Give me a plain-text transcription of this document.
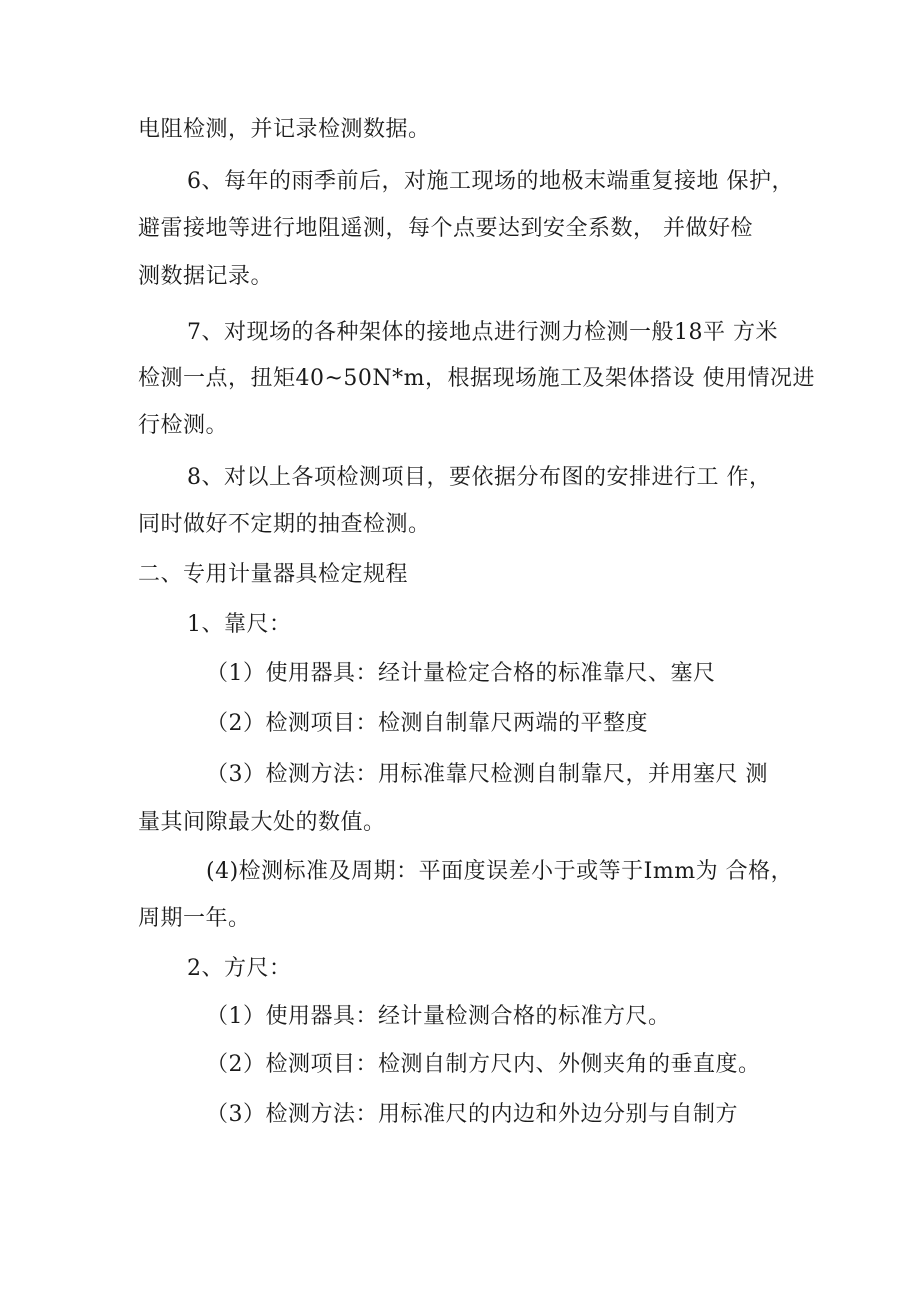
电阻检测，并记录检测数据。
6、每年的雨季前后，对施工现场的地极末端重复接地 保护，
避雷接地等进行地阻遥测，每个点要达到安全系数， 并做好检
测数据记录。
7、对现场的各种架体的接地点进行测力检测一般18平 方米
检测一点，扭矩40~50N*m，根据现场施工及架体搭设 使用情况进
行检测。
8、对以上各项检测项目，要依据分布图的安排进行工 作，
同时做好不定期的抽查检测。
二、专用计量器具检定规程
1、靠尺：
（1）使用器具：经计量检定合格的标准靠尺、塞尺
（2）检测项目：检测自制靠尺两端的平整度
（3）检测方法：用标准靠尺检测自制靠尺，并用塞尺 测
量其间隙最大处的数值。
(4)检测标准及周期：平面度误差小于或等于Imm为 合格，
周期一年。
2、方尺：
（1）使用器具：经计量检测合格的标准方尺。
（2）检测项目：检测自制方尺内、外侧夹角的垂直度。
（3）检测方法：用标准尺的内边和外边分别与自制方
